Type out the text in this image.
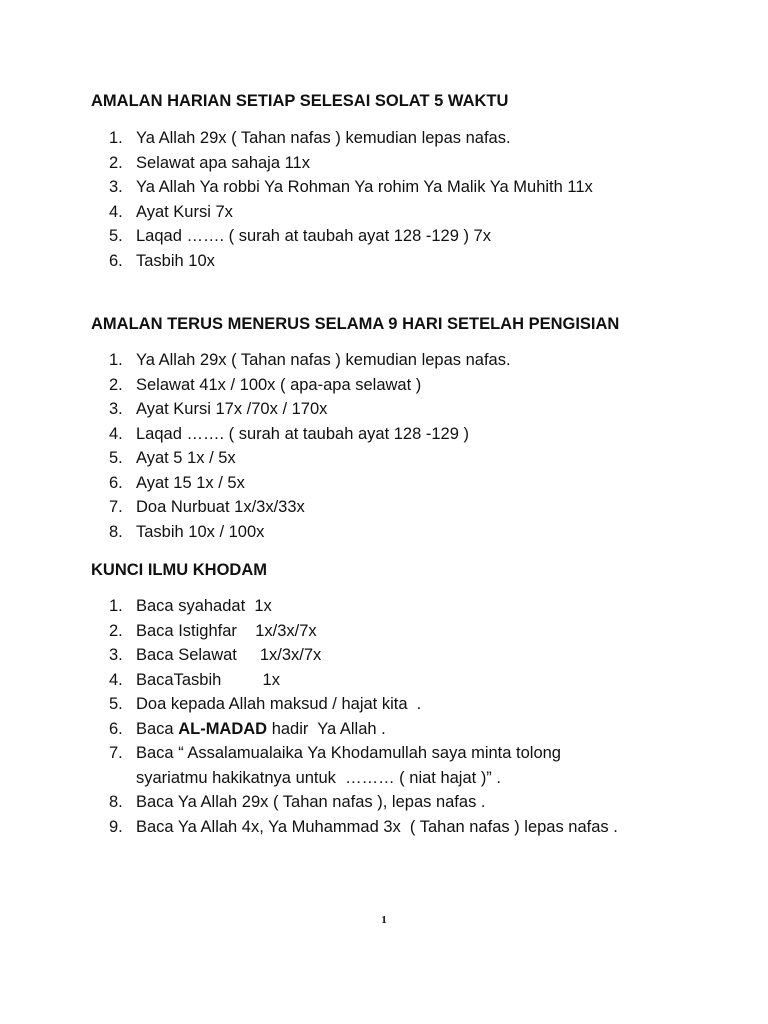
AMALAN HARIAN SETIAP SELESAI SOLAT 5 WAKTU
1. Ya Allah 29x ( Tahan nafas ) kemudian lepas nafas.
2. Selawat apa sahaja 11x
3. Ya Allah Ya robbi Ya Rohman Ya rohim Ya Malik Ya Muhith 11x
4. Ayat Kursi 7x
5. Laqad ……. ( surah at taubah ayat 128 -129 ) 7x
6. Tasbih 10x
AMALAN TERUS MENERUS SELAMA 9 HARI SETELAH PENGISIAN
1. Ya Allah 29x ( Tahan nafas ) kemudian lepas nafas.
2. Selawat 41x / 100x ( apa-apa selawat )
3. Ayat Kursi 17x /70x / 170x
4. Laqad ……. ( surah at taubah ayat 128 -129 )
5. Ayat 5 1x / 5x
6. Ayat 15 1x / 5x
7. Doa Nurbuat 1x/3x/33x
8. Tasbih 10x / 100x
KUNCI ILMU KHODAM
1. Baca syahadat  1x
2. Baca Istighfar    1x/3x/7x
3. Baca Selawat     1x/3x/7x
4. BacaTasbih         1x
5. Doa kepada Allah maksud / hajat kita  .
6. Baca AL-MADAD hadir  Ya Allah .
7. Baca “ Assalamualaika Ya Khodamullah saya minta tolong
syariatmu hakikatnya untuk  ……… ( niat hajat )” .
8. Baca Ya Allah 29x ( Tahan nafas ), lepas nafas .
9. Baca Ya Allah 4x, Ya Muhammad 3x  ( Tahan nafas ) lepas nafas .
1
